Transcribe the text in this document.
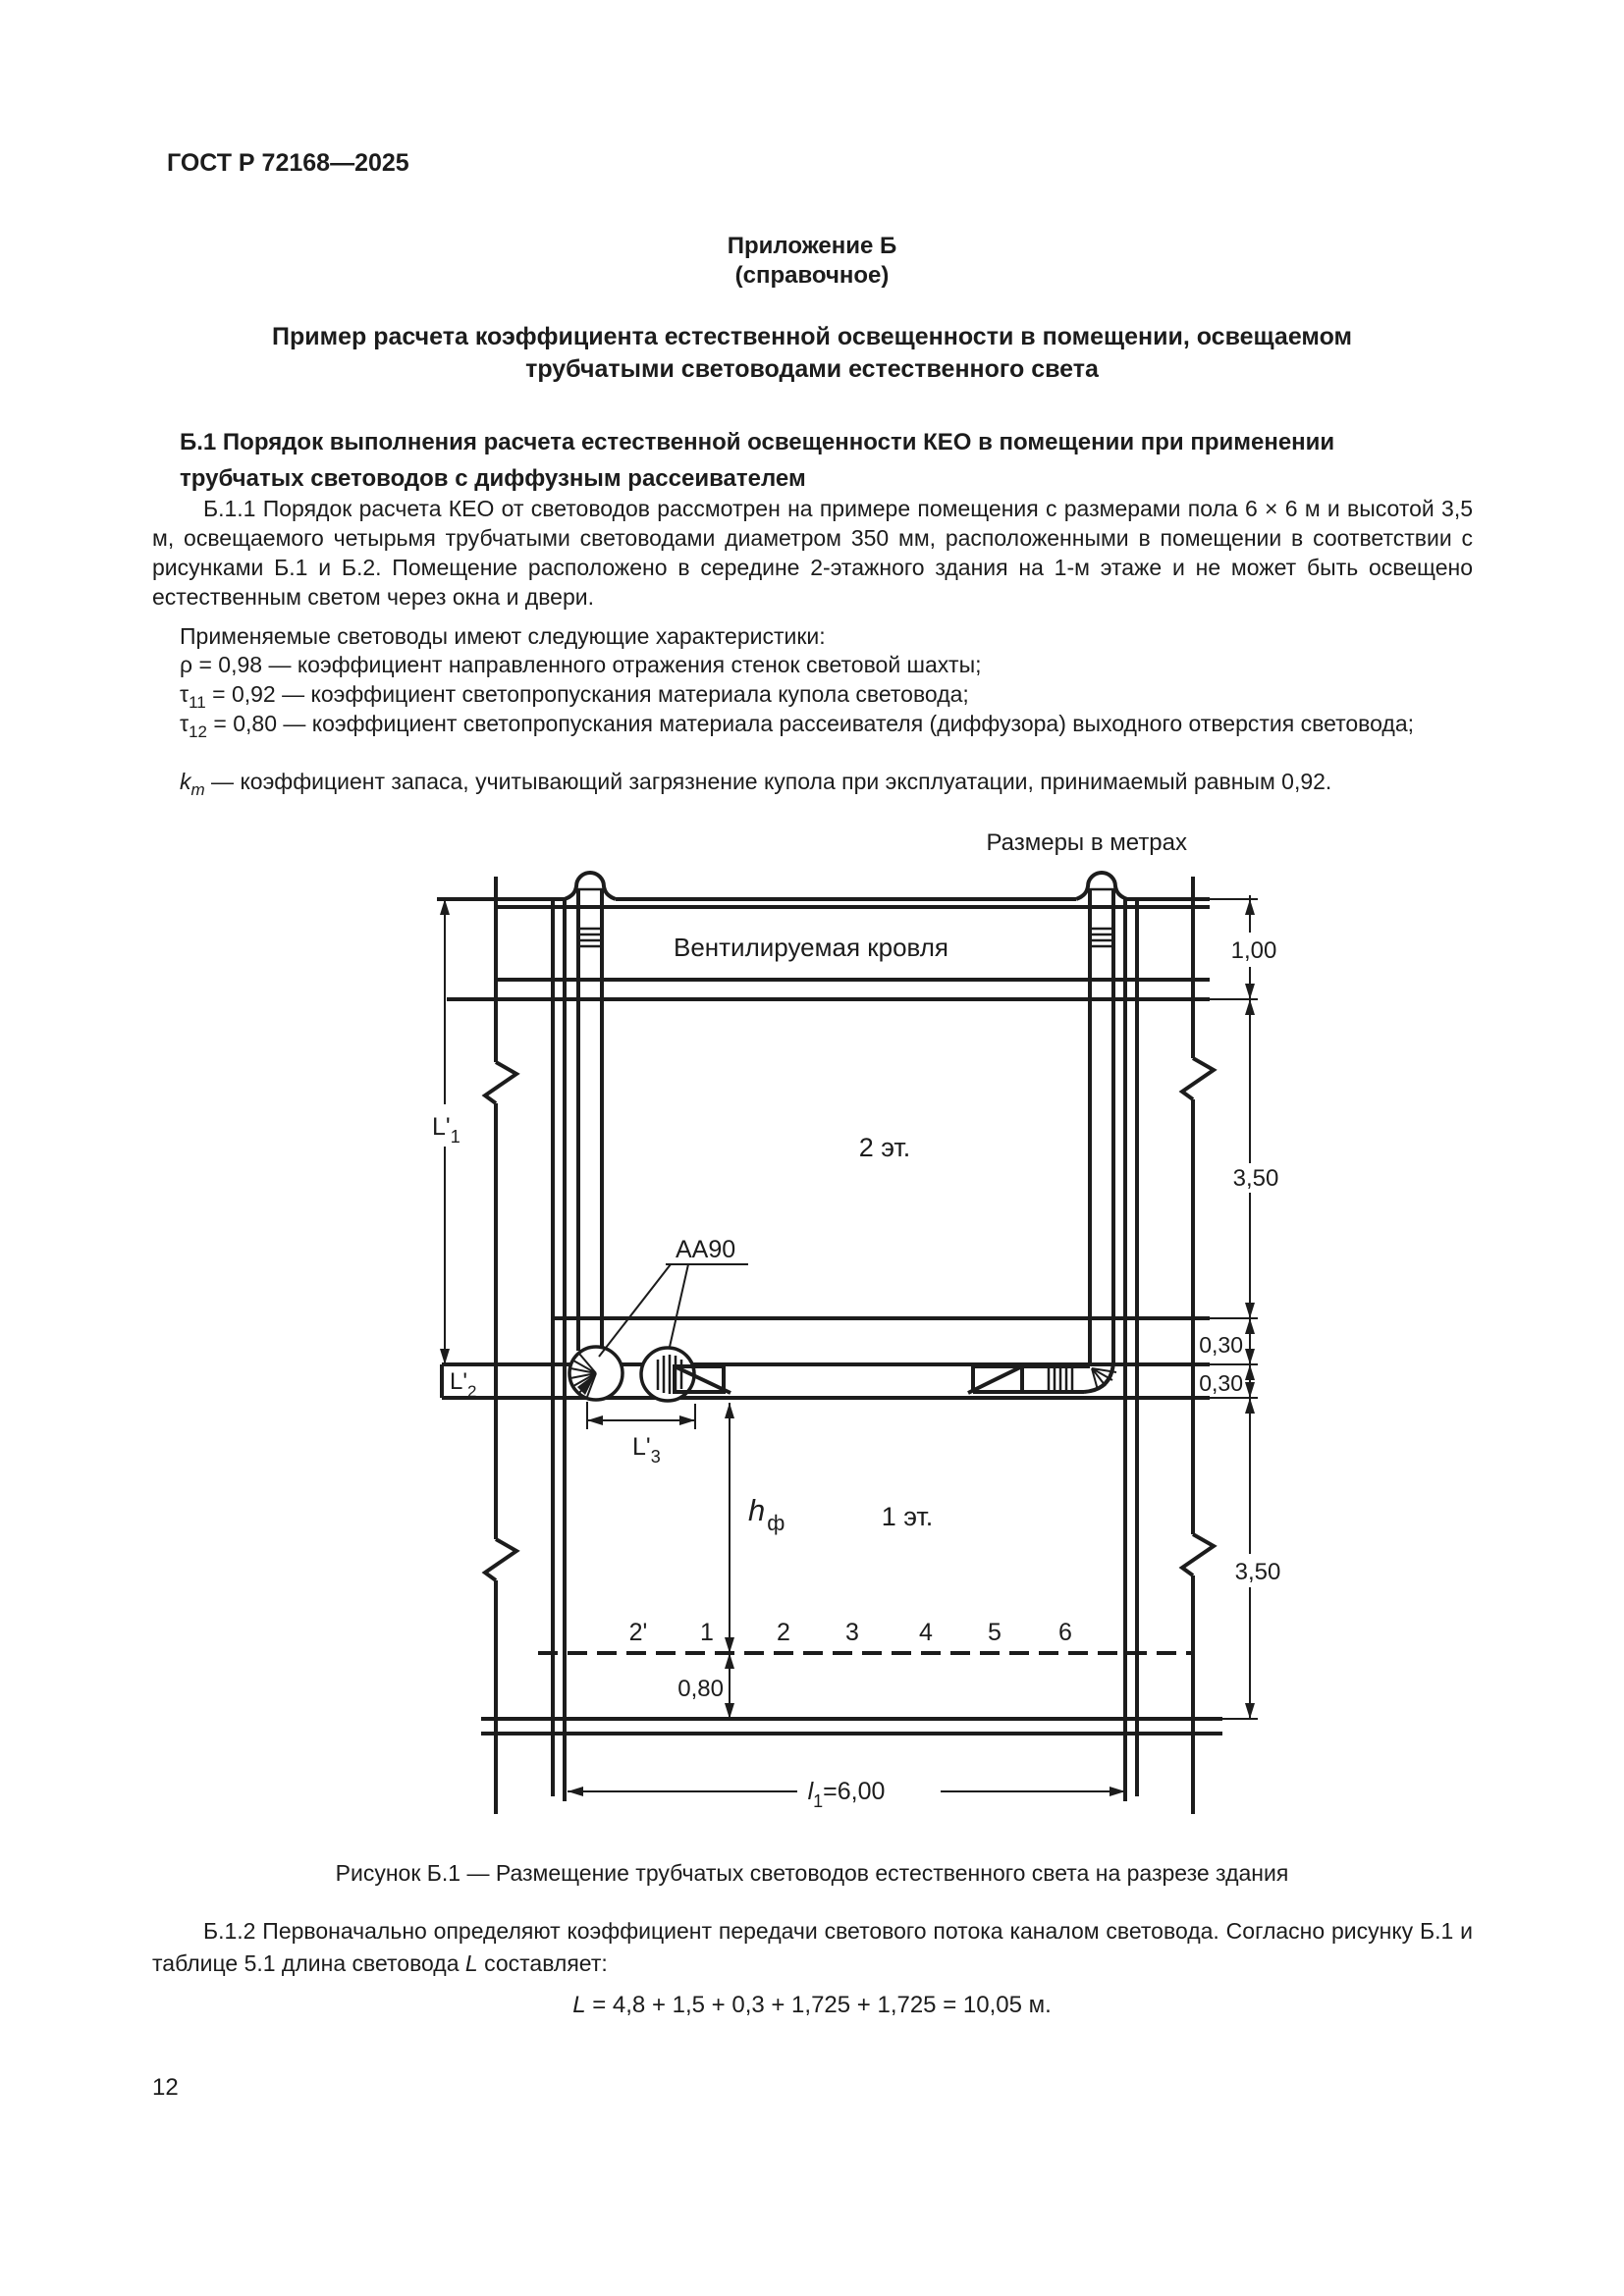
ГОСТ Р 72168—2025
Приложение Б
(справочное)
Пример расчета коэффициента естественной освещенности в помещении, освещаемом
трубчатыми световодами естественного света
Б.1 Порядок выполнения расчета естественной освещенности КЕО в помещении при применении
трубчатых световодов с диффузным рассеивателем
Б.1.1 Порядок расчета КЕО от световодов рассмотрен на примере помещения с размерами пола 6 × 6 м и высотой 3,5 м, освещаемого четырьмя трубчатыми световодами диаметром 350 мм, расположенными в помещении в соответствии с рисунками Б.1 и Б.2. Помещение расположено в середине 2-этажного здания на 1-м этаже и не может быть освещено естественным светом через окна и двери.
Применяемые световоды имеют следующие характеристики:
ρ = 0,98 — коэффициент направленного отражения стенок световой шахты;
$\tau_{11} = 0,92$ — коэффициент светопропускания материала купола световода;
$\tau_{12} = 0,80$ — коэффициент светопропускания материала рассеивателя (диффузора) выходного отверстия световода;
$k_m$ — коэффициент запаса, учитывающий загрязнение купола при эксплуатации, принимаемый равным 0,92.
Размеры в метрах
$L'_1$
$L'_2$
$L'_3$
1,00
3,50
0,30
0,30
3,50
hф
0,80
l1=6,00
АА90
Вентилируемая кровля
2 эт.
1 эт.
2' 1	2 3 4 5 6
Рисунок Б.1 — Размещение трубчатых световодов естественного света на разрезе здания
Б.1.2 Первоначально определяют коэффициент передачи светового потока каналом световода. Согласно рисунку Б.1 и таблице 5.1 длина световода L составляет:
L = 4,8 + 1,5 + 0,3 + 1,725 + 1,725 = 10,05 м.
12
